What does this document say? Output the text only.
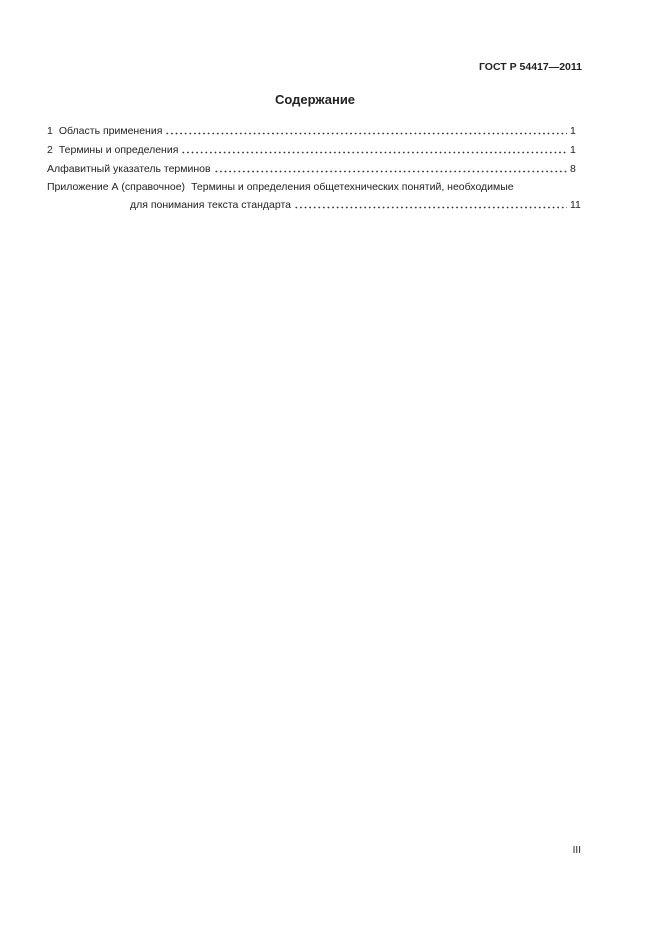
ГОСТ Р 54417—2011
Содержание
1 Область применения	1
2 Термины и определения	1
Алфавитный указатель терминов	8
Приложение А (справочное) Термины и определения общетехнических понятий, необходимые
для понимания текста стандарта	11
III
